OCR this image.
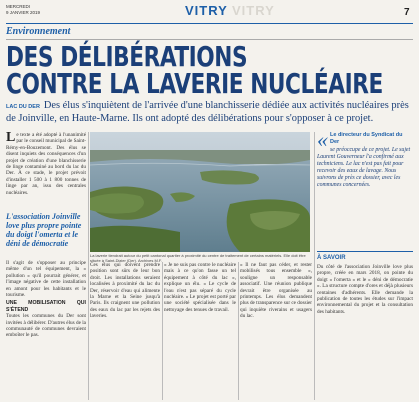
MERCREDI
9 JANVIER 2019	VITRY VITRY	7
Environnement
DES DÉLIBÉRATIONS
CONTRE LA LAVERIE NUCLÉAIRE
LAC DU DER Des élus s'inquiètent de l'arrivée d'une blanchisserie dédiée aux activités nucléaires près de Joinville, en Haute-Marne. Ils ont adopté des délibérations pour s'opposer à ce projet.

Le texte a été adopté à l'unanimité par le conseil municipal de Saint-Rémy-en-Bouzemont. Des élus se disent inquiets des conséquences d'un projet de création d'une blanchisserie de linge contaminé au bord du lac du Der. À ce stade, le projet prévoit d'installer 1 500 à 1 800 tonnes de linge par an, issu des centrales nucléaires.

L'association Joinville love plus propre pointe du doigt l'omerta et le déni de démocratie

Il s'agit de s'opposer au principe même d'un tel équipement, la « pollution » qu'il pourrait générer, et l'image négative de cette installation en amont pour les habitants et le tourisme.

UNE MOBILISATION QUI S'ÉTEND

Toutes les communes du Der sont invitées à délibérer. D'autres élus de la communauté de communes devraient emboîter le pas.

La laverie tiendrait autour du petit cantonal quartier à proximité du centre de traitement de certains matériels. Elle doit être située à Saint-Dizier (Der). Archives M.F.

Ces élus qui doivent prendre position sont sûrs de leur bon droit. Les installations seraient localisées à proximité du lac du Der, réservoir d'eau qui alimente la Marne et la Seine jusqu'à Paris. Ils craignent une pollution des eaux du lac par les rejets des laveries.

« Je ne suis pas contre le nucléaire mais à ce qu'on fasse un tel équipement à côté du lac », explique un élu. « Le cycle de l'eau n'est pas séparé du cycle nucléaire. » Le projet est porté par une société spécialisée dans le nettoyage des tenues de travail.

« Il ne faut pas céder, et rester mobilisés tous ensemble », souligne un responsable associatif. Une réunion publique devrait être organisée au printemps. Les élus demandent plus de transparence sur ce dossier qui inquiète riverains et usagers du lac.

« Le directeur du Syndicat du Der
se préoccupe de ce projet. Le sujet Laurent Gouverneur l'a confirmé aux techniciens. Le lac n'est pas fait pour recevoir des eaux de lavage. Nous suivrons de près ce dossier, avec les communes concernées.
À SAVOIR

Du côté de l'association Joinville love plus propre, créée en mars 2018, on pointe du doigt « l'omerta » et le « déni de démocratie ». La structure compte d'ores et déjà plusieurs centaines d'adhérents. Elle demande la publication de toutes les études sur l'impact environnemental du projet et la consultation des habitants.
